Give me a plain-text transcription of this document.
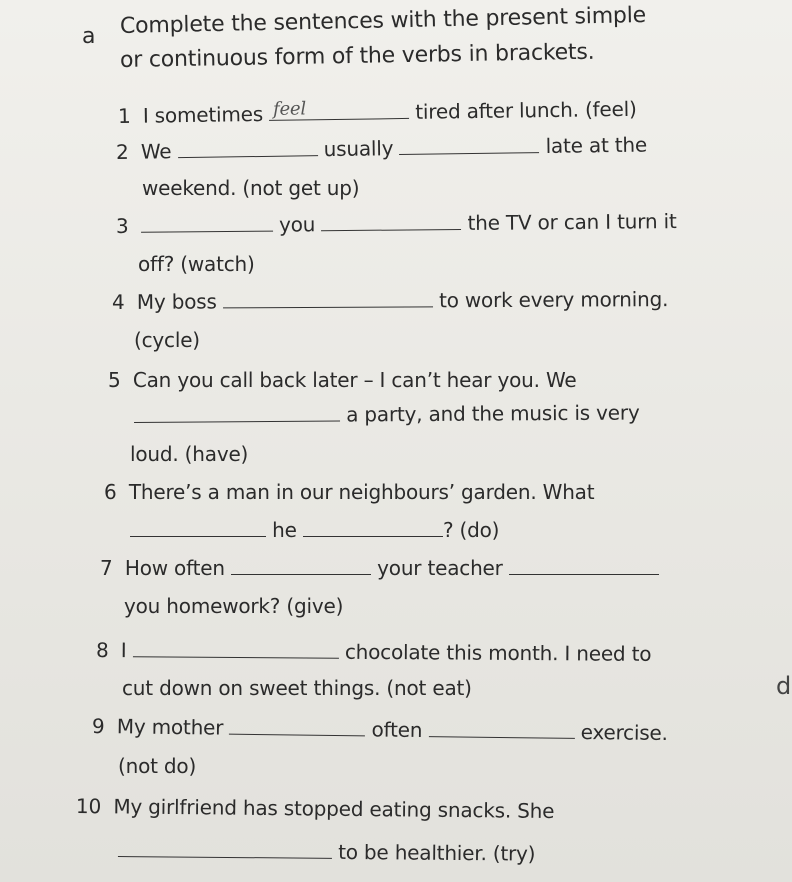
a Complete the sentences with the present simple
or continuous form of the verbs in brackets.
1 I sometimes feel	tired after lunch. (feel)
2 We	usually	late at the
weekend. (not get up)
3	you	the TV or can I turn it
off? (watch)
4 My boss	to work every morning.
(cycle)
5 Can you call back later – I can’t hear you. We
a party, and the music is very
loud. (have)
6 There’s a man in our neighbours’ garden. What
he	? (do)
7 How often	your teacher
you homework? (give)
8 I	chocolate this month. I need to
cut down on sweet things. (not eat)
9 My mother	often	exercise.
(not do)
10 My girlfriend has stopped eating snacks. She
to be healthier. (try)
d
